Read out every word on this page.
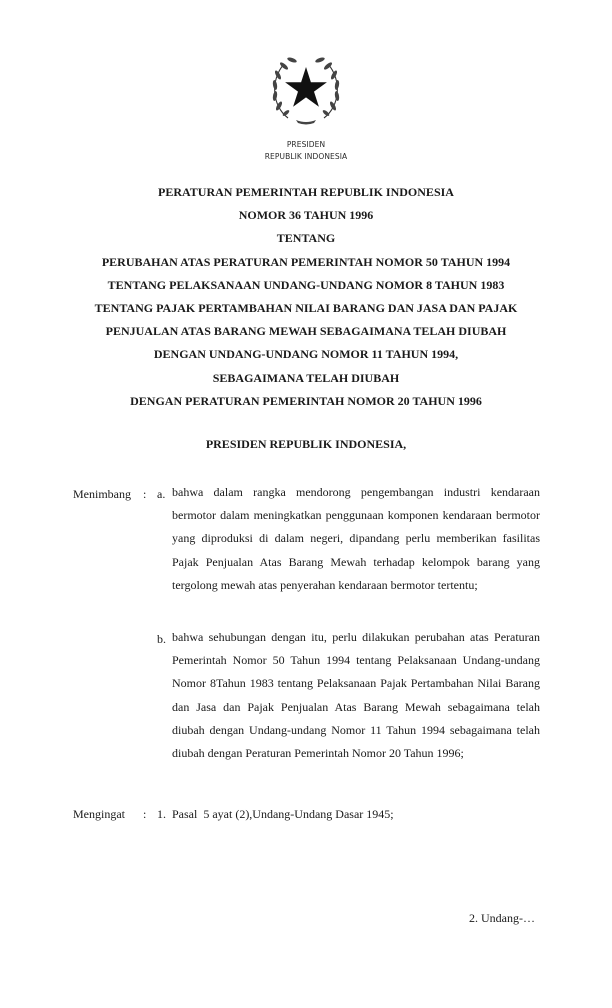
PRESIDEN
REPUBLIK INDONESIA
PERATURAN PEMERINTAH REPUBLIK INDONESIA
NOMOR 36 TAHUN 1996
TENTANG
PERUBAHAN ATAS PERATURAN PEMERINTAH NOMOR 50 TAHUN 1994
TENTANG PELAKSANAAN UNDANG-UNDANG NOMOR 8 TAHUN 1983
TENTANG PAJAK PERTAMBAHAN NILAI BARANG DAN JASA DAN PAJAK
PENJUALAN ATAS BARANG MEWAH SEBAGAIMANA TELAH DIUBAH
DENGAN UNDANG-UNDANG NOMOR 11 TAHUN 1994,
SEBAGAIMANA TELAH DIUBAH
DENGAN PERATURAN PEMERINTAH NOMOR 20 TAHUN 1996
PRESIDEN REPUBLIK INDONESIA,
Menimbang : a. bahwa dalam rangka mendorong pengembangan industri kendaraan bermotor dalam meningkatkan penggunaan komponen kendaraan bermotor yang diproduksi di dalam negeri, dipandang perlu memberikan fasilitas Pajak Penjualan Atas Barang Mewah terhadap kelompok barang yang tergolong mewah atas penyerahan kendaraan bermotor tertentu;
b. bahwa sehubungan dengan itu, perlu dilakukan perubahan atas Peraturan Pemerintah Nomor 50 Tahun 1994 tentang Pelaksanaan Undang-undang Nomor 8Tahun 1983 tentang Pelaksanaan Pajak Pertambahan Nilai Barang dan Jasa dan Pajak Penjualan Atas Barang Mewah sebagaimana telah diubah dengan Undang-undang Nomor 11 Tahun 1994 sebagaimana telah diubah dengan Peraturan Pemerintah Nomor 20 Tahun 1996;
Mengingat : 1. Pasal  5 ayat (2),Undang-Undang Dasar 1945;
2. Undang-…
